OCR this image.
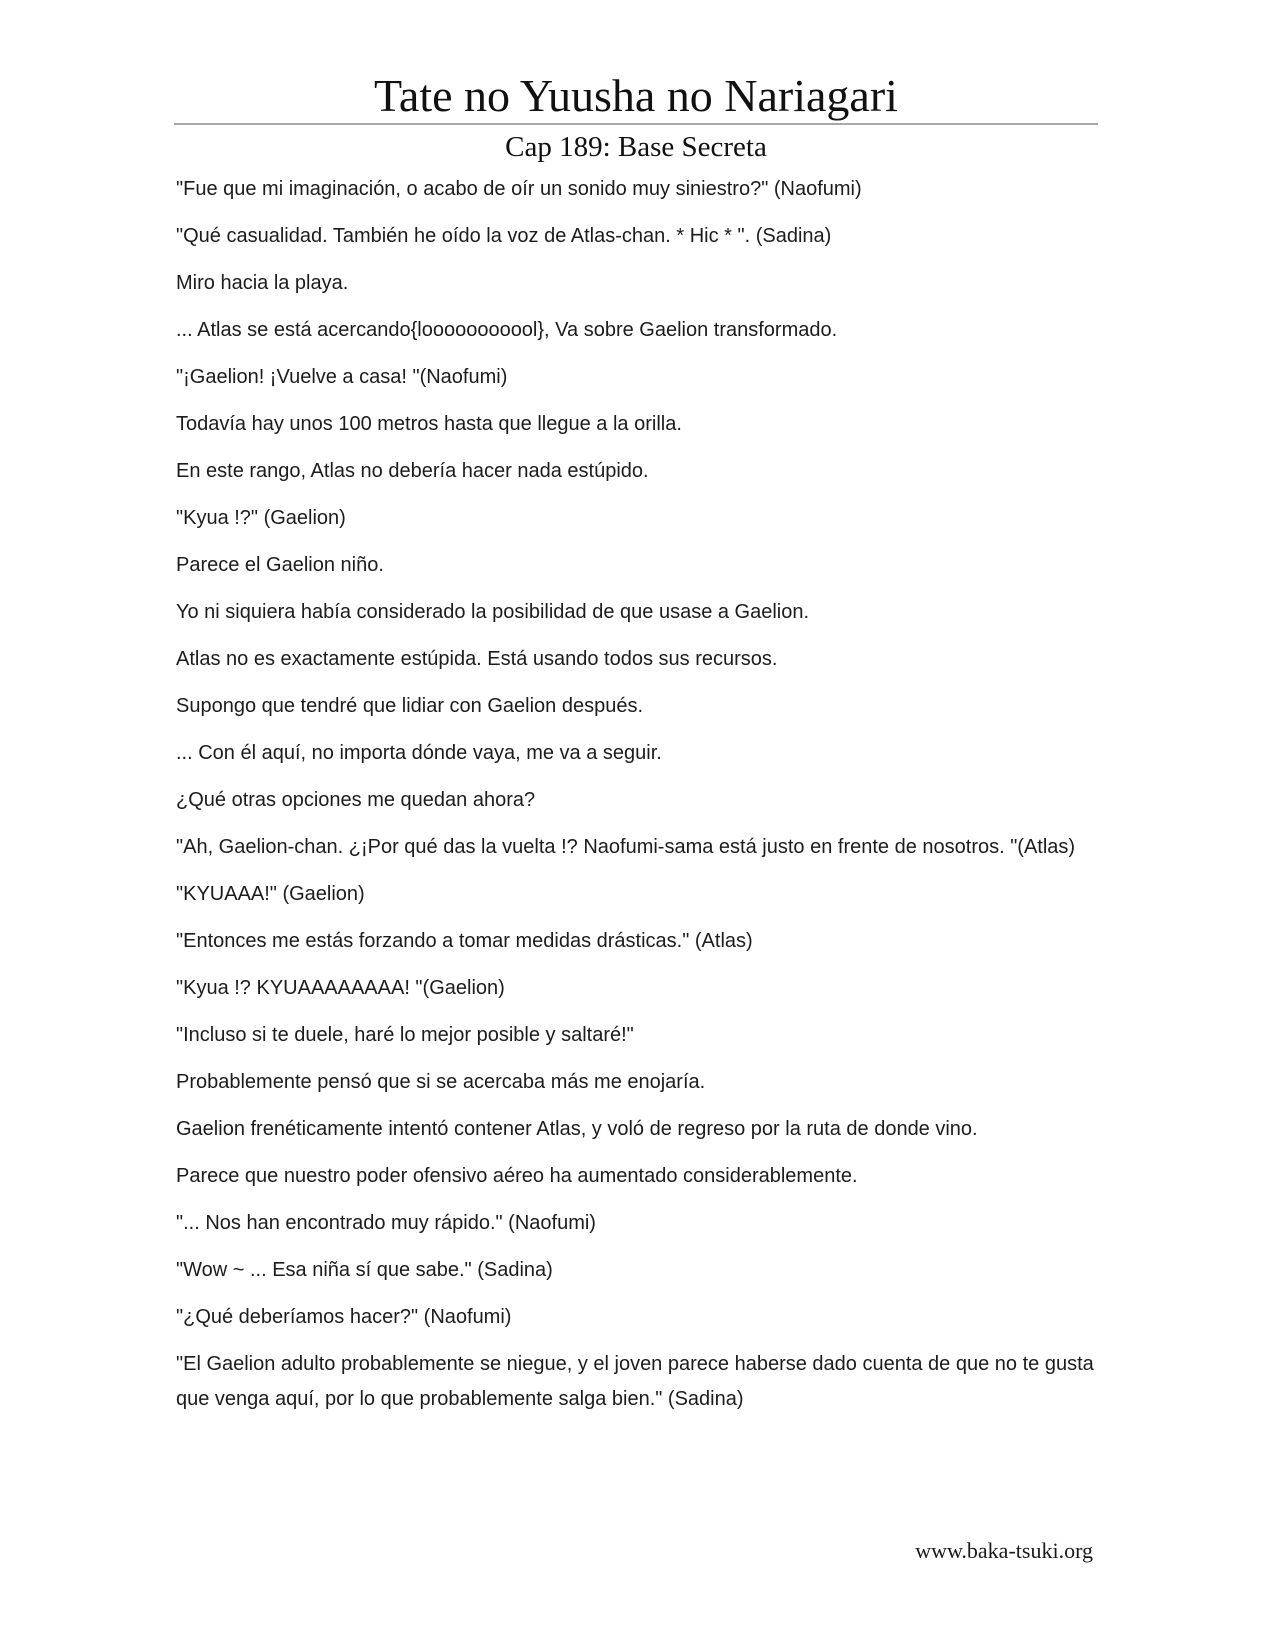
Tate no Yuusha no Nariagari
Cap 189: Base Secreta

"Fue que mi imaginación, o acabo de oír un sonido muy siniestro?" (Naofumi)

"Qué casualidad. También he oído la voz de Atlas-chan. * Hic * ". (Sadina)

Miro hacia la playa.

... Atlas se está acercando{looooooooool}, Va sobre Gaelion transformado.

"¡Gaelion! ¡Vuelve a casa! "(Naofumi)

Todavía hay unos 100 metros hasta que llegue a la orilla.

En este rango, Atlas no debería hacer nada estúpido.

"Kyua !?" (Gaelion)

Parece el Gaelion niño.

Yo ni siquiera había considerado la posibilidad de que usase a Gaelion.

Atlas no es exactamente estúpida. Está usando todos sus recursos.

Supongo que tendré que lidiar con Gaelion después.

... Con él aquí, no importa dónde vaya, me va a seguir.

¿Qué otras opciones me quedan ahora?

"Ah, Gaelion-chan. ¿¡Por qué das la vuelta !? Naofumi-sama está justo en frente de nosotros. "(Atlas)

"KYUAAA!" (Gaelion)

"Entonces me estás forzando a tomar medidas drásticas." (Atlas)

"Kyua !? KYUAAAAAAAA! "(Gaelion)

"Incluso si te duele, haré lo mejor posible y saltaré!"

Probablemente pensó que si se acercaba más me enojaría.

Gaelion frenéticamente intentó contener Atlas, y voló de regreso por la ruta de donde vino.

Parece que nuestro poder ofensivo aéreo ha aumentado considerablemente.

"... Nos han encontrado muy rápido." (Naofumi)

"Wow ~ ... Esa niña sí que sabe." (Sadina)

"¿Qué deberíamos hacer?" (Naofumi)

"El Gaelion adulto probablemente se niegue, y el joven parece haberse dado cuenta de que no te gusta que venga aquí, por lo que probablemente salga bien." (Sadina)

www.baka-tsuki.org
